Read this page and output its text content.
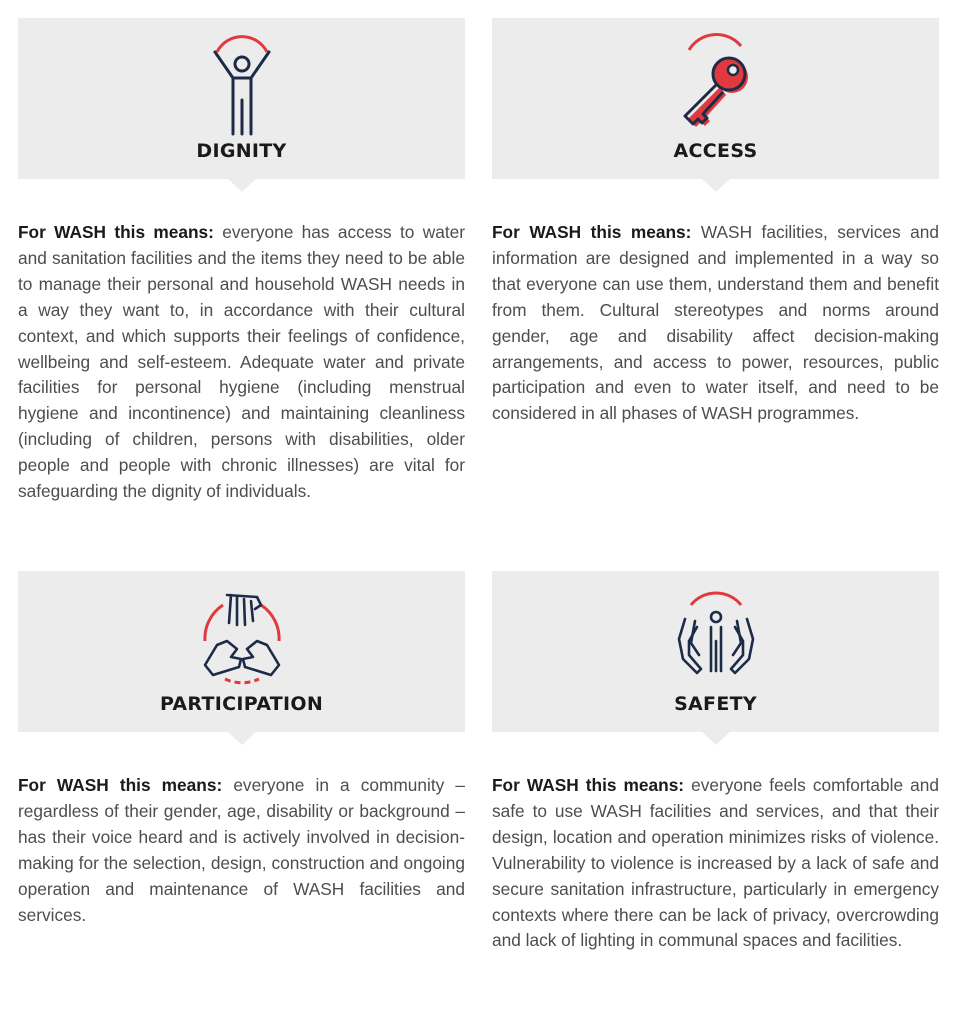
DIGNITY
For WASH this means: everyone has access to water and sanitation facilities and the items they need to be able to manage their personal and household WASH needs in a way they want to, in accordance with their cultural context, and which supports their feelings of confidence, wellbeing and self-esteem. Adequate water and private facilities for personal hygiene (including menstrual hygiene and incontinence) and maintaining cleanliness (including of children, persons with disabilities, older people and people with chronic illnesses) are vital for safeguarding the dignity of individuals.
ACCESS
For WASH this means: WASH facilities, services and information are designed and implemented in a way so that everyone can use them, understand them and benefit from them. Cultural stereotypes and norms around gender, age and disability affect decision-making arrangements, and access to power, resources, public participation and even to water itself, and need to be considered in all phases of WASH programmes.
PARTICIPATION
For WASH this means: everyone in a community – regardless of their gender, age, disability or background – has their voice heard and is actively involved in decision-making for the selection, design, construction and ongoing operation and maintenance of WASH facilities and services.
SAFETY
For WASH this means: everyone feels comfortable and safe to use WASH facilities and services, and that their design, location and operation minimizes risks of violence. Vulnerability to violence is increased by a lack of safe and secure sanitation infrastructure, particularly in emergency contexts where there can be lack of privacy, overcrowding and lack of lighting in communal spaces and facilities.
